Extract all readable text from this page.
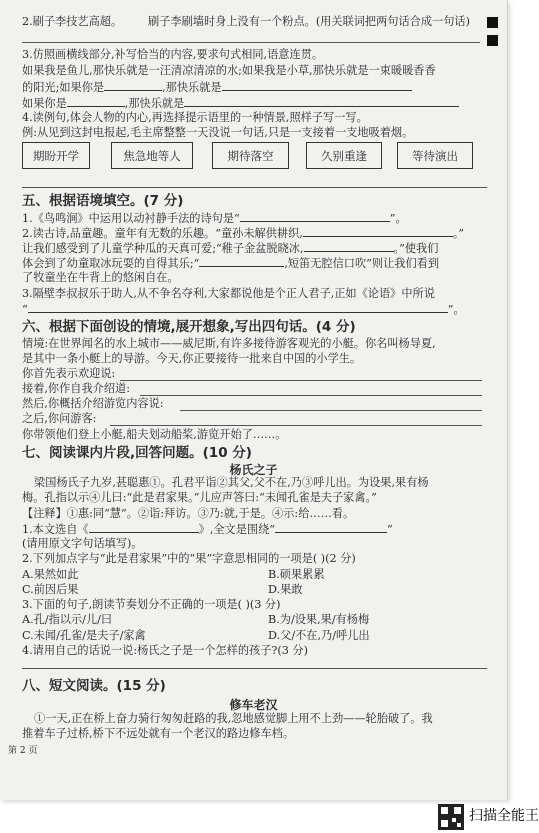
2.刷子李技艺高超。 刷子李刷墙时身上没有一个粉点。(用关联词把两句话合成一句话)
3.仿照画横线部分,补写恰当的内容,要求句式相同,语意连贯。
如果我是鱼儿,那快乐就是一汪清凉清凉的水;如果我是小草,那快乐就是一束暖暖香香
的阳光;如果你是	,那快乐就是
如果你是	,那快乐就是
4.读例句,体会人物的内心,再选择提示语里的一种情景,照样子写一写。
例:从见到这封电报起,毛主席整整一天没说一句话,只是一支接着一支地吸着烟。
期盼开学	焦急地等人	期待落空	久别重逢	等待演出
五、根据语境填空。(7 分)
1.《鸟鸣涧》中运用以动衬静手法的诗句是“	”。
2.读古诗,品童趣。童年有无数的乐趣。“童孙未解供耕织,	。”
让我们感受到了儿童学种瓜的天真可爱;“稚子金盆脱晓冰,	。”使我们
体会到了幼童取冰玩耍的自得其乐;“	,短笛无腔信口吹”则让我们看到
了牧童坐在牛背上的悠闲自在。
3.隔壁李叔叔乐于助人,从不争名夺利,大家都说他是个正人君子,正如《论语》中所说
“	”。
六、根据下面创设的情境,展开想象,写出四句话。(4 分)
情境:在世界闻名的水上城市——威尼斯,有许多接待游客观光的小艇。你名叫杨导夏,
是其中一条小艇上的导游。今天,你正要接待一批来自中国的小学生。
你首先表示欢迎说:
接着,你作自我介绍道:
然后,你概括介绍游览内容说:
之后,你问游客:
你带领他们登上小艇,船夫划动船桨,游览开始了……。
七、阅读课内片段,回答问题。(10 分)
杨氏之子
梁国杨氏子九岁,甚聪惠①。孔君平诣②其父,父不在,乃③呼儿出。为设果,果有杨
梅。孔指以示④儿曰:“此是君家果。”儿应声答曰:“未闻孔雀是夫子家禽。”
【注释】①惠:同“慧”。②诣:拜访。③乃:就,于是。④示:给……看。
1.本文选自《	》,全文是围绕“	”
(请用原文字句话填写)。
2.下列加点字与“此是君家果”中的“果”字意思相同的一项是( )(2 分)
A.果然如此	B.硕果累累
C.前因后果	D.果敢
3.下面的句子,朗读节奏划分不正确的一项是( )(3 分)
A.孔/指以示/儿/曰	B.为/设果,果/有杨梅
C.未闻/孔雀/是夫子/家禽	D.父/不在,乃/呼儿出
4.请用自己的话说一说:杨氏之子是一个怎样的孩子?(3 分)
八、短文阅读。(15 分)
修车老汉
①一天,正在桥上奋力骑行匆匆赶路的我,忽地感觉脚上用不上劲——轮胎破了。我
推着车子过桥,桥下不远处就有一个老汉的路边修车档。
第 2 页
扫描全能王
